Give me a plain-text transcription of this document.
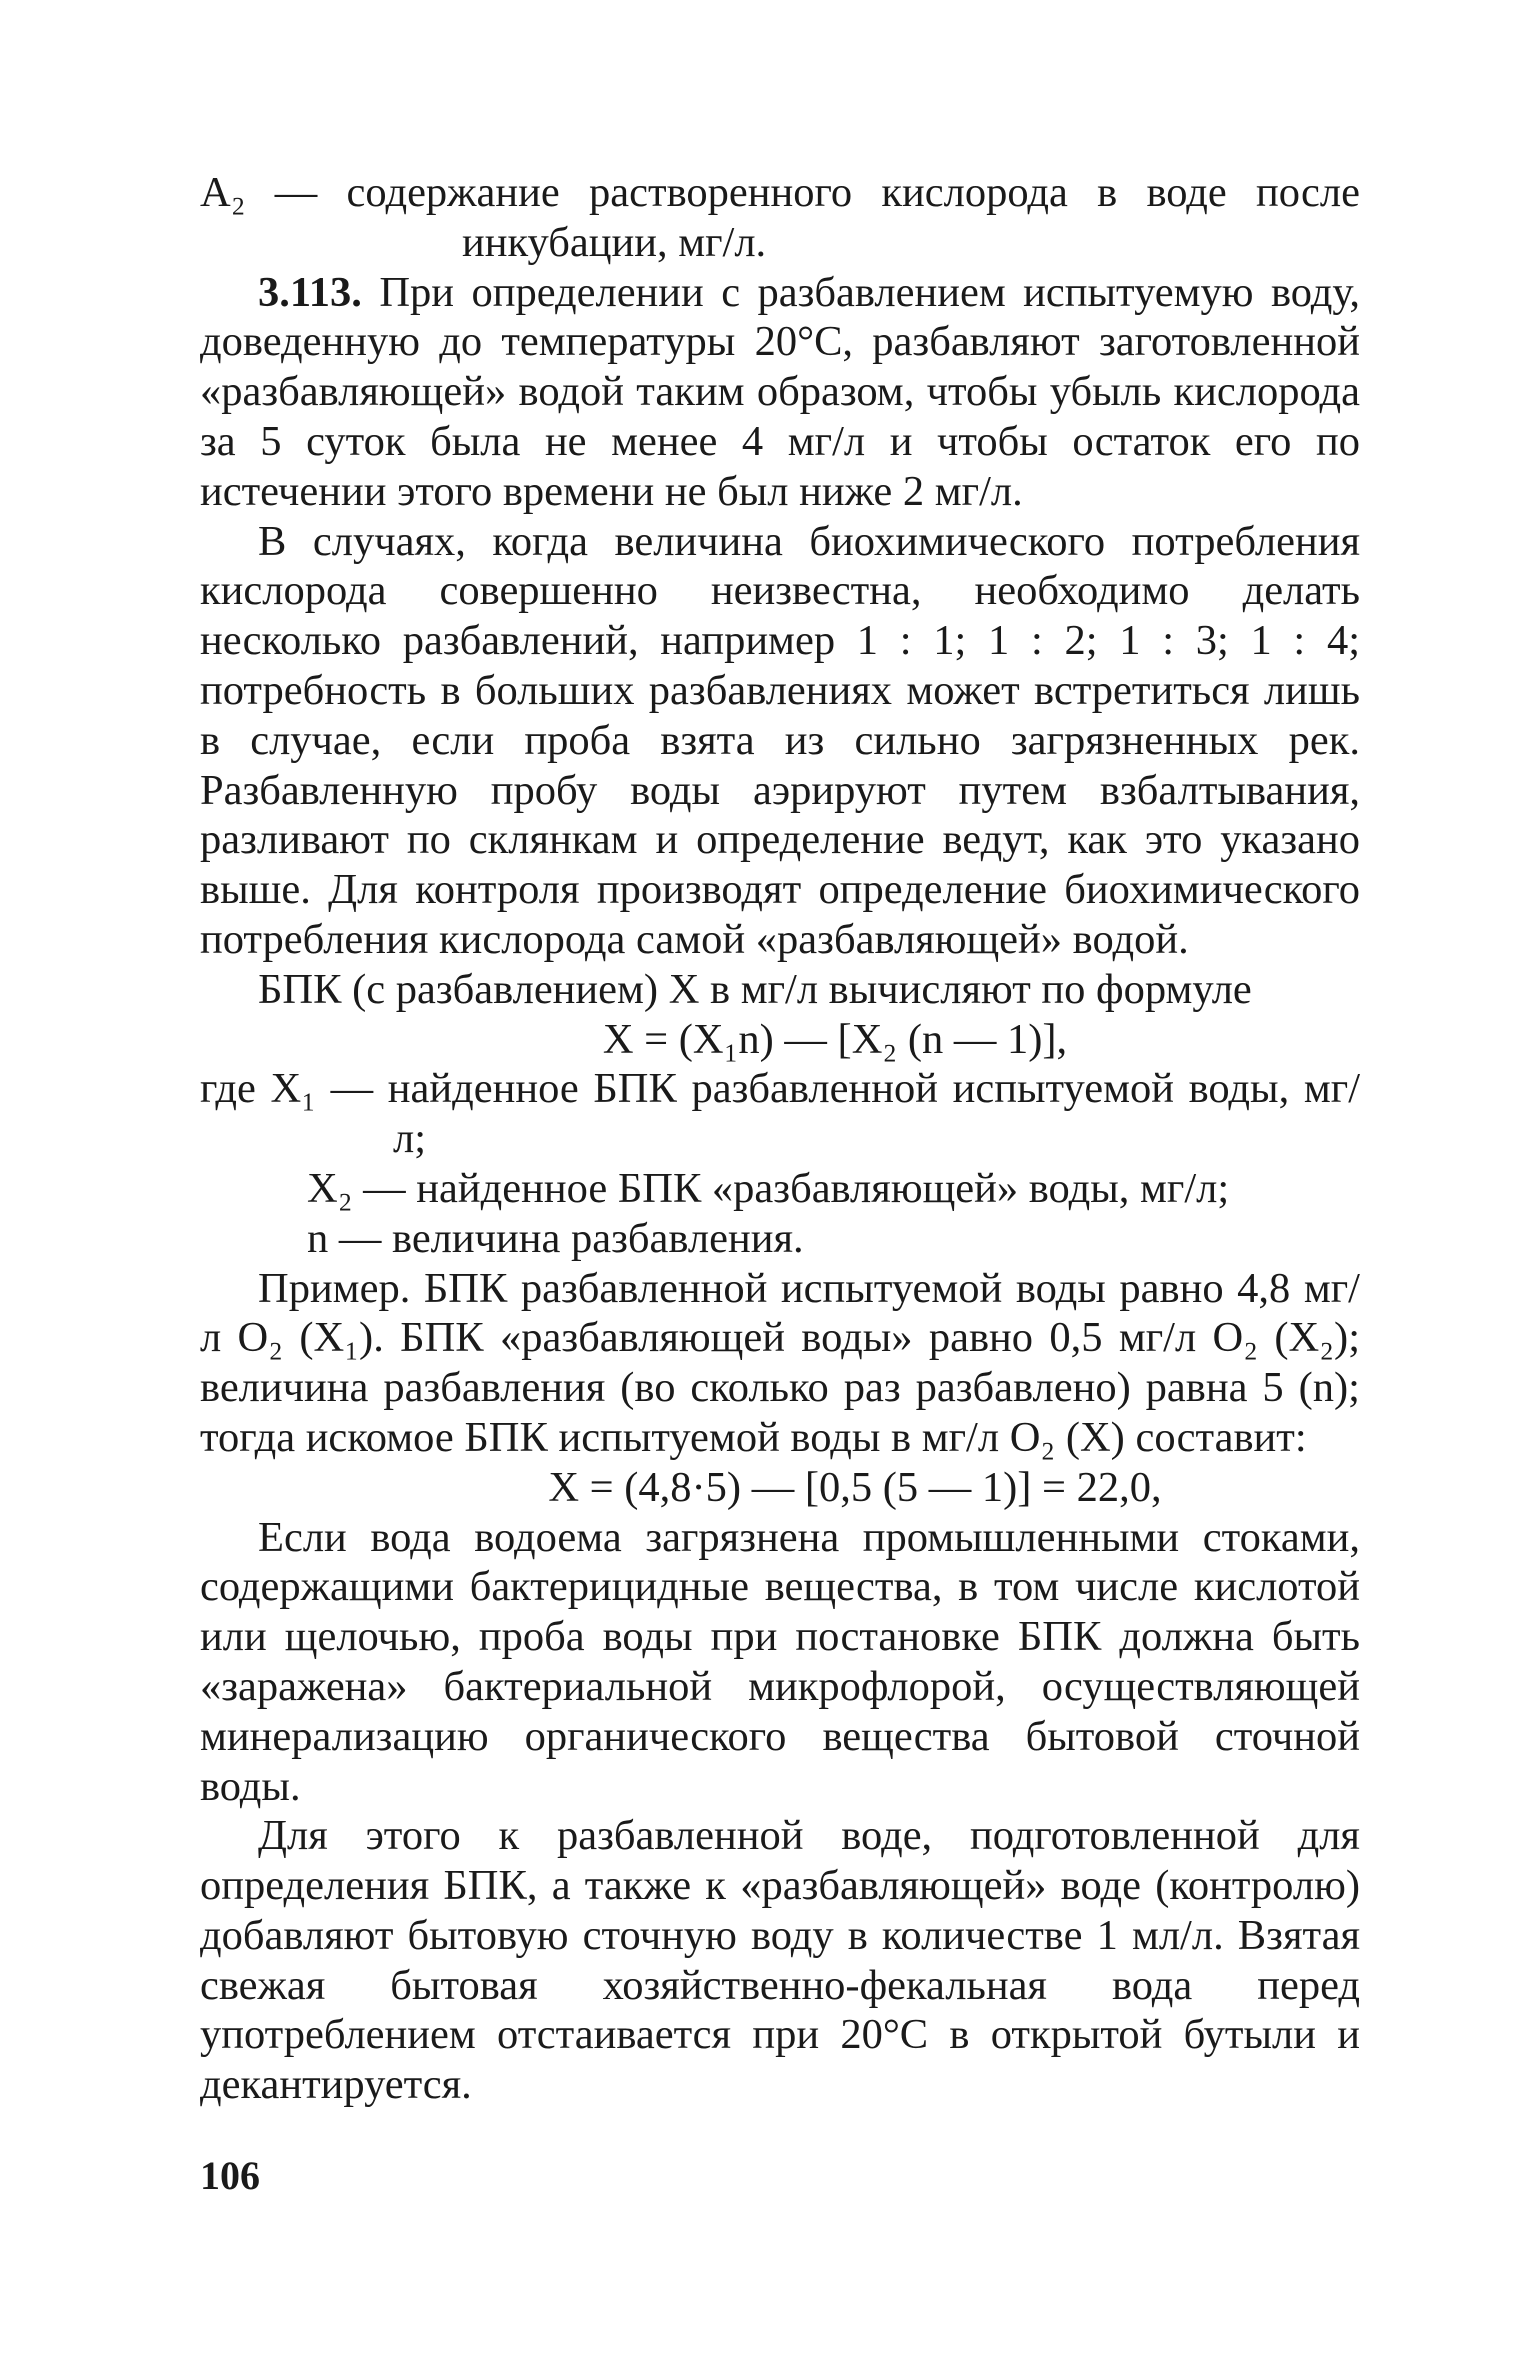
A₂ — содержание растворенного кислорода в воде после инкубации, мг/л.

3.113. При определении с разбавлением испытуемую воду, доведенную до температуры 20°С, разбавляют заготовленной «разбавляющей» водой таким образом, чтобы убыль кислорода за 5 суток была не менее 4 мг/л и чтобы остаток его по истечении этого времени не был ниже 2 мг/л.

В случаях, когда величина биохимического потребления кислорода совершенно неизвестна, необходимо делать несколько разбавлений, например 1 : 1; 1 : 2; 1 : 3; 1 : 4; потребность в больших разбавлениях может встретиться лишь в случае, если проба взята из сильно загрязненных рек. Разбавленную пробу воды аэрируют путем взбалтывания, разливают по склянкам и определение ведут, как это указано выше. Для контроля производят определение биохимического потребления кислорода самой «разбавляющей» водой.

БПК (с разбавлением) X в мг/л вычисляют по формуле

X = (X₁n) — [X₂ (n — 1)],

где X₁ — найденное БПК разбавленной испытуемой воды, мг/л;

X₂ — найденное БПК «разбавляющей» воды, мг/л;

n — величина разбавления.

Пример. БПК разбавленной испытуемой воды равно 4,8 мг/л O₂ (X₁). БПК «разбавляющей воды» равно 0,5 мг/л O₂ (X₂); величина разбавления (во сколько раз разбавлено) равна 5 (n); тогда искомое БПК испытуемой воды в мг/л O₂ (X) составит:

X = (4,8·5) — [0,5 (5 — 1)] = 22,0,

Если вода водоема загрязнена промышленными стоками, содержащими бактерицидные вещества, в том числе кислотой или щелочью, проба воды при постановке БПК должна быть «заражена» бактериальной микрофлорой, осуществляющей минерализацию органического вещества бытовой сточной воды.

Для этого к разбавленной воде, подготовленной для определения БПК, а также к «разбавляющей» воде (контролю) добавляют бытовую сточную воду в количестве 1 мл/л. Взятая свежая бытовая хозяйственно-фекальная вода перед употреблением отстаивается при 20°С в открытой бутыли и декантируется.

106
